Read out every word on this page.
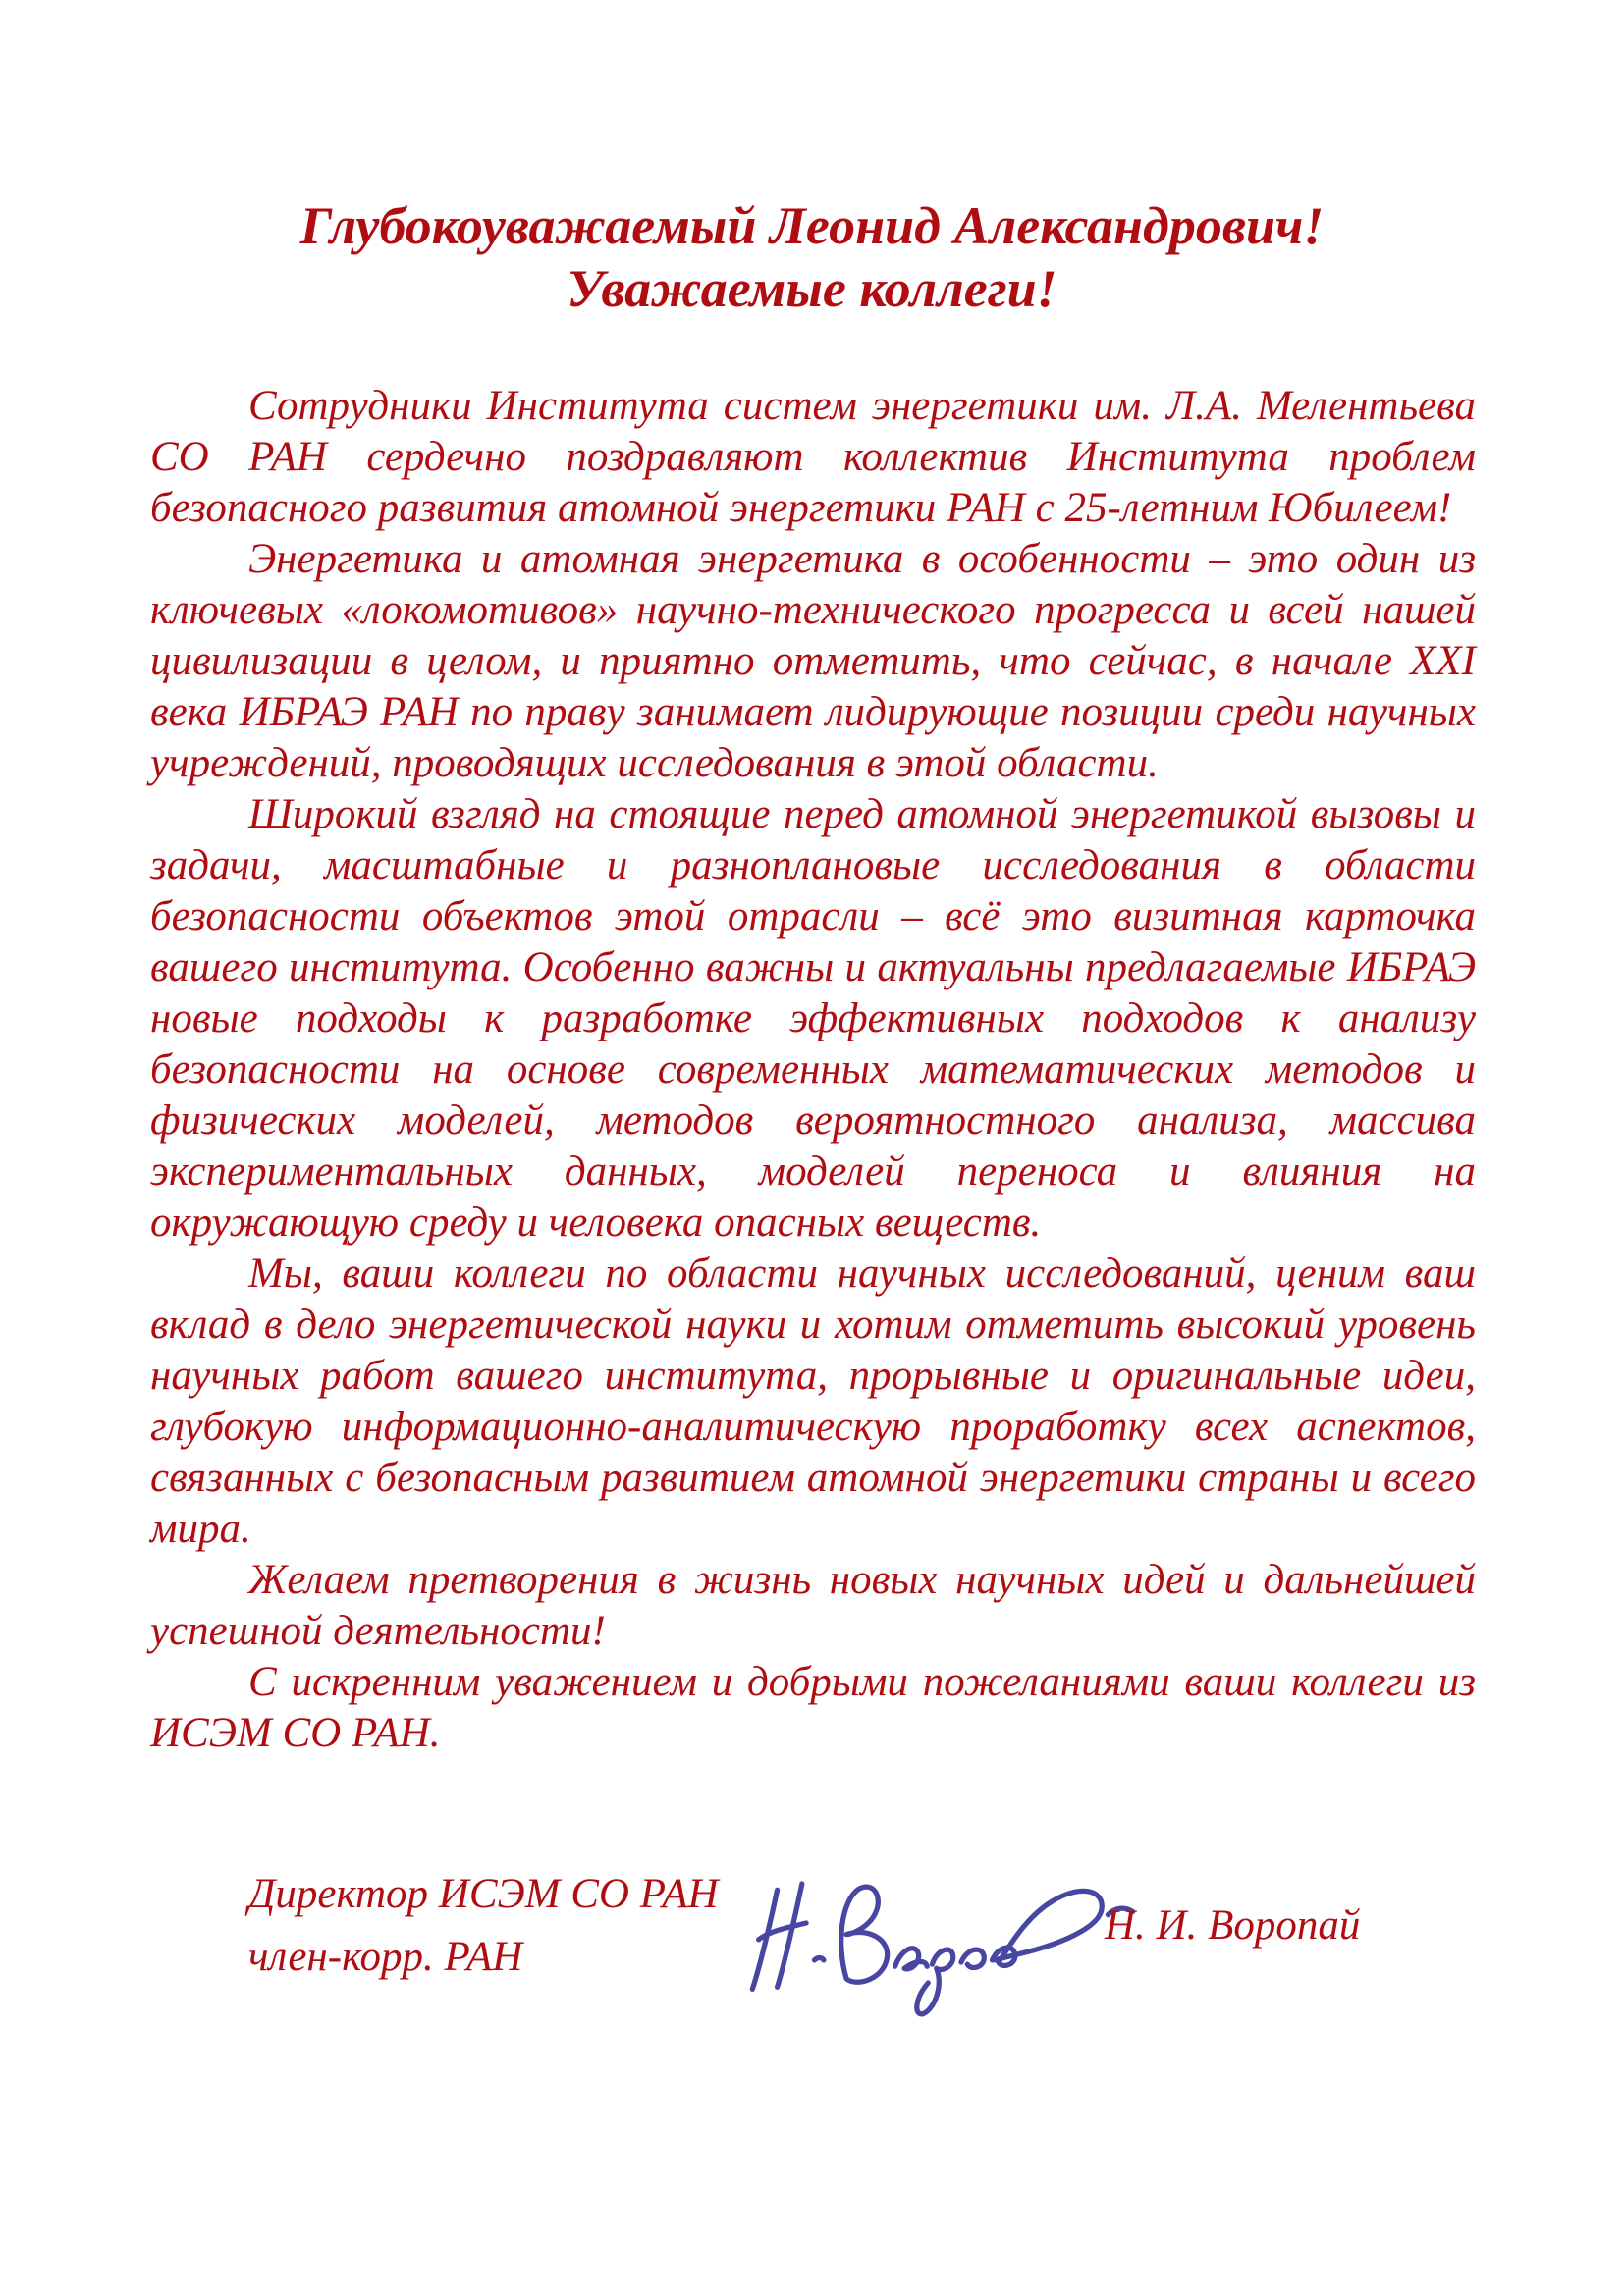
Глубокоуважаемый Леонид Александрович!
Уважаемые коллеги!

Сотрудники Института систем энергетики им. Л.А. Мелентьева СО РАН сердечно поздравляют коллектив Института проблем безопасного развития атомной энергетики РАН с 25-летним Юбилеем!

Энергетика и атомная энергетика в особенности – это один из ключевых «локомотивов» научно-технического прогресса и всей нашей цивилизации в целом, и приятно отметить, что сейчас, в начале XXI века ИБРАЭ РАН по праву занимает лидирующие позиции среди научных учреждений, проводящих исследования в этой области.

Широкий взгляд на стоящие перед атомной энергетикой вызовы и задачи, масштабные и разноплановые исследования в области безопасности объектов этой отрасли – всё это визитная карточка вашего института. Особенно важны и актуальны предлагаемые ИБРАЭ новые подходы к разработке эффективных подходов к анализу безопасности на основе современных математических методов и физических моделей, методов вероятностного анализа, массива экспериментальных данных, моделей переноса и влияния на окружающую среду и человека опасных веществ.

Мы, ваши коллеги по области научных исследований, ценим ваш вклад в дело энергетической науки и хотим отметить высокий уровень научных работ вашего института, прорывные и оригинальные идеи, глубокую информационно-аналитическую проработку всех аспектов, связанных с безопасным развитием атомной энергетики страны и всего мира.

Желаем претворения в жизнь новых научных идей и дальнейшей успешной деятельности!

С искренним уважением и добрыми пожеланиями ваши коллеги из ИСЭМ СО РАН.

Директор ИСЭМ СО РАН
член-корр. РАН
Н. И. Воропай
